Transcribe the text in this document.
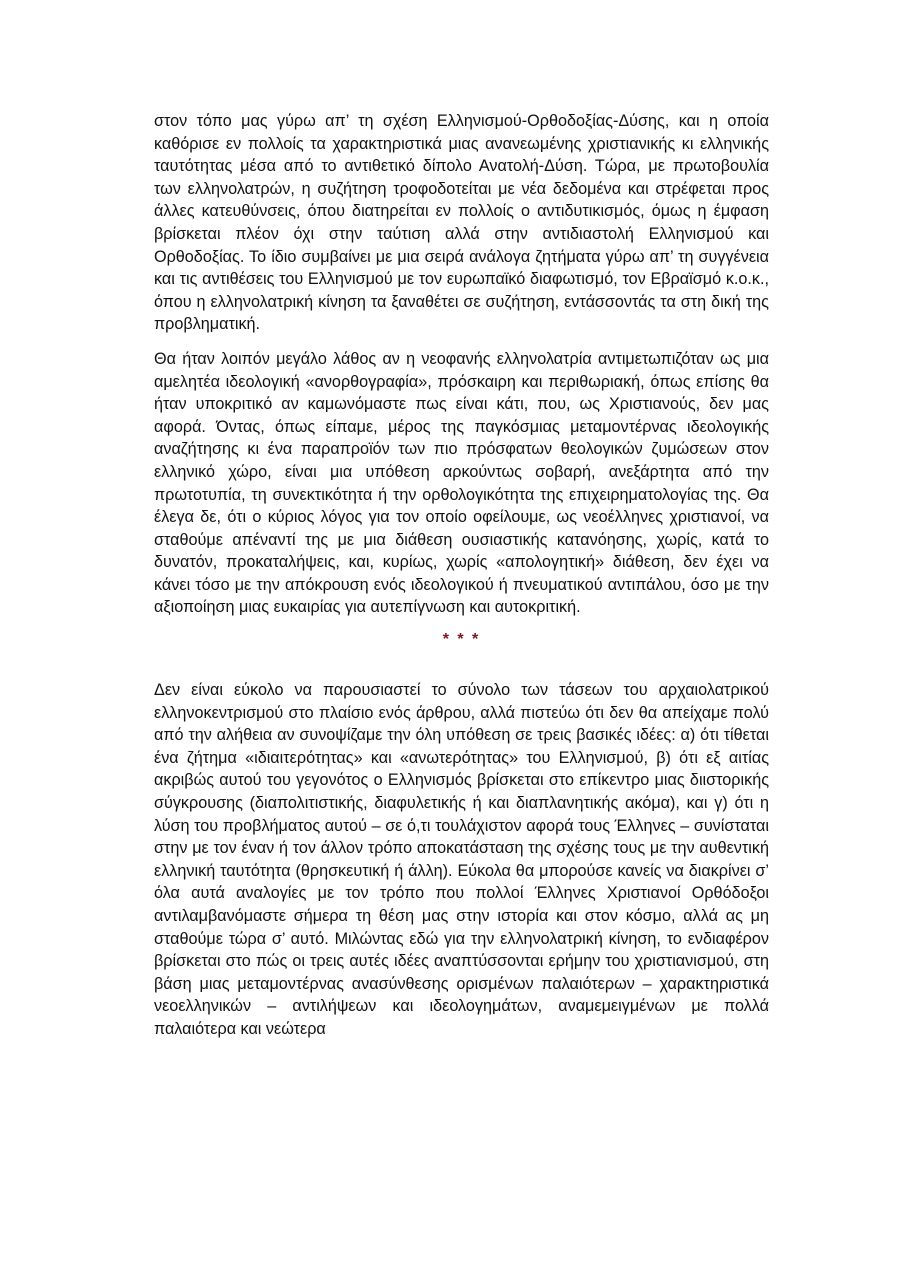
στον τόπο μας γύρω απ’ τη σχέση Ελληνισμού-Ορθοδοξίας-Δύσης, και η οποία καθόρισε εν πολλοίς τα χαρακτηριστικά μιας ανανεωμένης χριστιανικής κι ελληνικής ταυτότητας μέσα από το αντιθετικό δίπολο Ανατολή-Δύση. Τώρα, με πρωτοβουλία των ελληνολατρών, η συζήτηση τροφοδοτείται με νέα δεδομένα και στρέφεται προς άλλες κατευθύνσεις, όπου διατηρείται εν πολλοίς ο αντιδυτικισμός, όμως η έμφαση βρίσκεται πλέον όχι στην ταύτιση αλλά στην αντιδιαστολή Ελληνισμού και Ορθοδοξίας. Το ίδιο συμβαίνει με μια σειρά ανάλογα ζητήματα γύρω απ’ τη συγγένεια και τις αντιθέσεις του Ελληνισμού με τον ευρωπαϊκό διαφωτισμό, τον Εβραϊσμό κ.ο.κ., όπου η ελληνολατρική κίνηση τα ξαναθέτει σε συζήτηση, εντάσσοντάς τα στη δική της προβληματική.

Θα ήταν λοιπόν μεγάλο λάθος αν η νεοφανής ελληνολατρία αντιμετωπιζόταν ως μια αμελητέα ιδεολογική «ανορθογραφία», πρόσκαιρη και περιθωριακή, όπως επίσης θα ήταν υποκριτικό αν καμωνόμαστε πως είναι κάτι, που, ως Χριστιανούς, δεν μας αφορά. Όντας, όπως είπαμε, μέρος της παγκόσμιας μεταμοντέρνας ιδεολογικής αναζήτησης κι ένα παραπροϊόν των πιο πρόσφατων θεολογικών ζυμώσεων στον ελληνικό χώρο, είναι μια υπόθεση αρκούντως σοβαρή, ανεξάρτητα από την πρωτοτυπία, τη συνεκτικότητα ή την ορθολογικότητα της επιχειρηματολογίας της. Θα έλεγα δε, ότι ο κύριος λόγος για τον οποίο οφείλουμε, ως νεοέλληνες χριστιανοί, να σταθούμε απέναντί της με μια διάθεση ουσιαστικής κατανόησης, χωρίς, κατά το δυνατόν, προκαταλήψεις, και, κυρίως, χωρίς «απολογητική» διάθεση, δεν έχει να κάνει τόσο με την απόκρουση ενός ιδεολογικού ή πνευματικού αντιπάλου, όσο με την αξιοποίηση μιας ευκαιρίας για αυτεπίγνωση και αυτοκριτική.

* * *

Δεν είναι εύκολο να παρουσιαστεί το σύνολο των τάσεων του αρχαιολατρικού ελληνοκεντρισμού στο πλαίσιο ενός άρθρου, αλλά πιστεύω ότι δεν θα απείχαμε πολύ από την αλήθεια αν συνοψίζαμε την όλη υπόθεση σε τρεις βασικές ιδέες: α) ότι τίθεται ένα ζήτημα «ιδιαιτερότητας» και «ανωτερότητας» του Ελληνισμού, β) ότι εξ αιτίας ακριβώς αυτού του γεγονότος ο Ελληνισμός βρίσκεται στο επίκεντρο μιας διιστορικής σύγκρουσης (διαπολιτιστικής, διαφυλετικής ή και διαπλανητικής ακόμα), και γ) ότι η λύση του προβλήματος αυτού – σε ό,τι τουλάχιστον αφορά τους Έλληνες – συνίσταται στην με τον έναν ή τον άλλον τρόπο αποκατάσταση της σχέσης τους με την αυθεντική ελληνική ταυτότητα (θρησκευτική ή άλλη). Εύκολα θα μπορούσε κανείς να διακρίνει σ’ όλα αυτά αναλογίες με τον τρόπο που πολλοί Έλληνες Χριστιανοί Ορθόδοξοι αντιλαμβανόμαστε σήμερα τη θέση μας στην ιστορία και στον κόσμο, αλλά ας μη σταθούμε τώρα σ’ αυτό. Μιλώντας εδώ για την ελληνολατρική κίνηση, το ενδιαφέρον βρίσκεται στο πώς οι τρεις αυτές ιδέες αναπτύσσονται ερήμην του χριστιανισμού, στη βάση μιας μεταμοντέρνας ανασύνθεσης ορισμένων παλαιότερων – χαρακτηριστικά νεοελληνικών – αντιλήψεων και ιδεολογημάτων, αναμεμειγμένων με πολλά παλαιότερα και νεώτερα
